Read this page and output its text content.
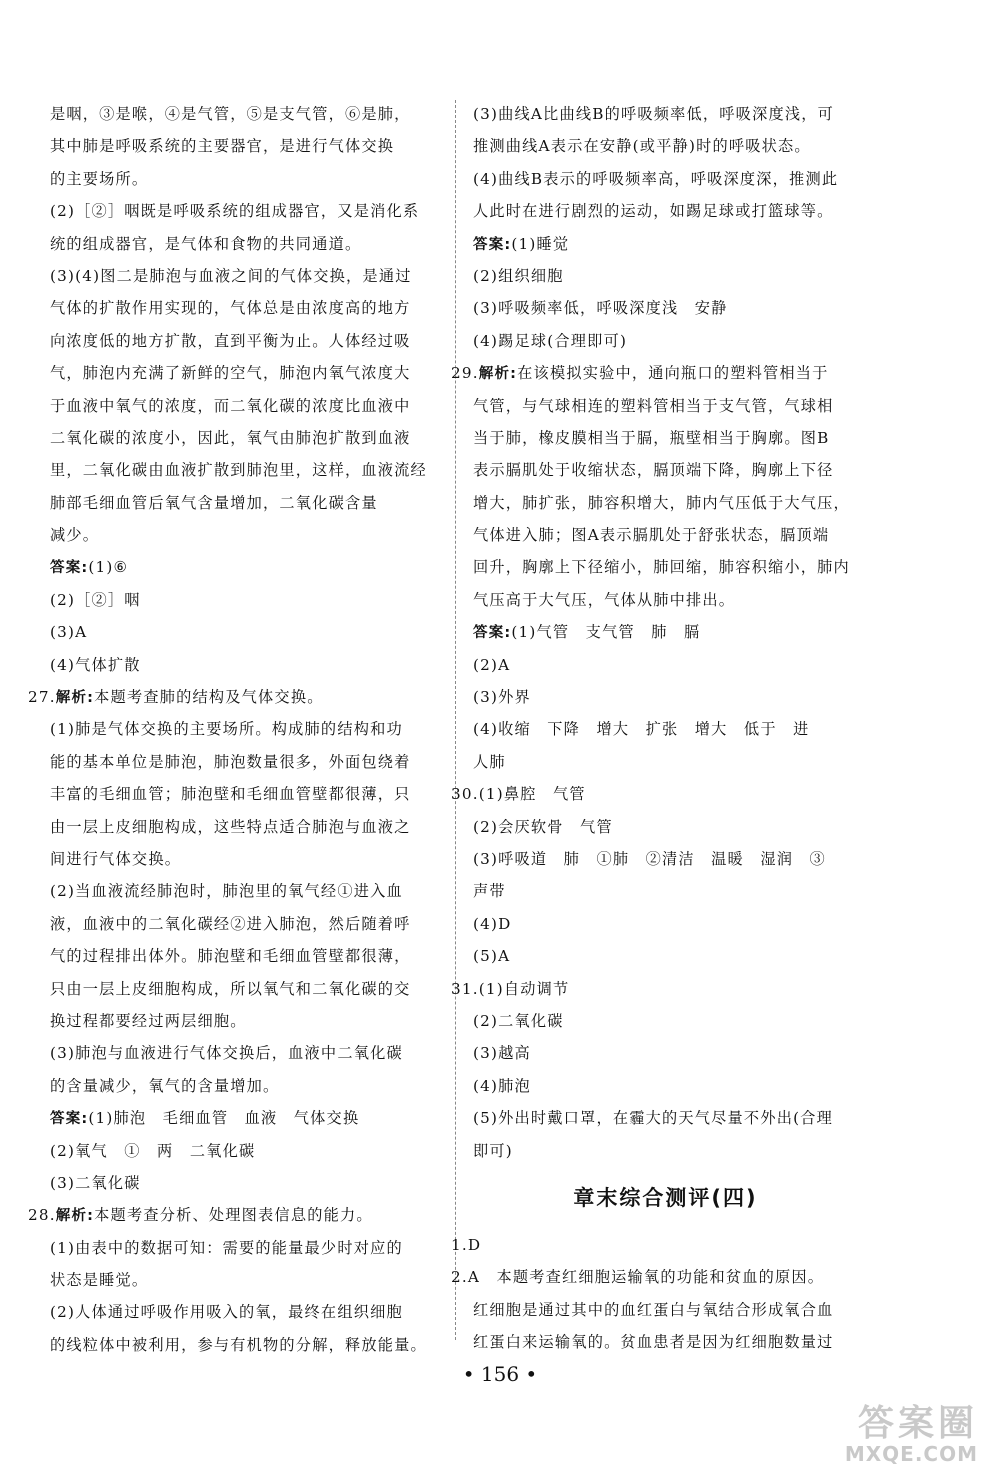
是咽，③是喉，④是气管，⑤是支气管，⑥是肺，
其中肺是呼吸系统的主要器官，是进行气体交换
的主要场所。
(2)［②］咽既是呼吸系统的组成器官，又是消化系
统的组成器官，是气体和食物的共同通道。
(3)(4)图二是肺泡与血液之间的气体交换，是通过
气体的扩散作用实现的，气体总是由浓度高的地方
向浓度低的地方扩散，直到平衡为止。人体经过吸
气，肺泡内充满了新鲜的空气，肺泡内氧气浓度大
于血液中氧气的浓度，而二氧化碳的浓度比血液中
二氧化碳的浓度小，因此，氧气由肺泡扩散到血液
里，二氧化碳由血液扩散到肺泡里，这样，血液流经
肺部毛细血管后氧气含量增加，二氧化碳含量
减少。
答案:(1)⑥
(2)［②］咽
(3)A
(4)气体扩散
27.解析:本题考查肺的结构及气体交换。
(1)肺是气体交换的主要场所。构成肺的结构和功
能的基本单位是肺泡，肺泡数量很多，外面包绕着
丰富的毛细血管；肺泡壁和毛细血管壁都很薄，只
由一层上皮细胞构成，这些特点适合肺泡与血液之
间进行气体交换。
(2)当血液流经肺泡时，肺泡里的氧气经①进入血
液，血液中的二氧化碳经②进入肺泡，然后随着呼
气的过程排出体外。肺泡壁和毛细血管壁都很薄，
只由一层上皮细胞构成，所以氧气和二氧化碳的交
换过程都要经过两层细胞。
(3)肺泡与血液进行气体交换后，血液中二氧化碳
的含量减少，氧气的含量增加。
答案:(1)肺泡　毛细血管　血液　气体交换
(2)氧气　①　两　二氧化碳
(3)二氧化碳
28.解析:本题考查分析、处理图表信息的能力。
(1)由表中的数据可知：需要的能量最少时对应的
状态是睡觉。
(2)人体通过呼吸作用吸入的氧，最终在组织细胞
的线粒体中被利用，参与有机物的分解，释放能量。
(3)曲线A比曲线B的呼吸频率低，呼吸深度浅，可
推测曲线A表示在安静(或平静)时的呼吸状态。
(4)曲线B表示的呼吸频率高，呼吸深度深，推测此
人此时在进行剧烈的运动，如踢足球或打篮球等。
答案:(1)睡觉
(2)组织细胞
(3)呼吸频率低，呼吸深度浅　安静
(4)踢足球(合理即可)
29.解析:在该模拟实验中，通向瓶口的塑料管相当于
气管，与气球相连的塑料管相当于支气管，气球相
当于肺，橡皮膜相当于膈，瓶壁相当于胸廓。图B
表示膈肌处于收缩状态，膈顶端下降，胸廓上下径
增大，肺扩张，肺容积增大，肺内气压低于大气压，
气体进入肺；图A表示膈肌处于舒张状态，膈顶端
回升，胸廓上下径缩小，肺回缩，肺容积缩小，肺内
气压高于大气压，气体从肺中排出。
答案:(1)气管　支气管　肺　膈
(2)A
(3)外界
(4)收缩　下降　增大　扩张　增大　低于　进
人肺
30.(1)鼻腔　气管
(2)会厌软骨　气管
(3)呼吸道　肺　①肺　②清洁　温暖　湿润　③
声带
(4)D
(5)A
31.(1)自动调节
(2)二氧化碳
(3)越高
(4)肺泡
(5)外出时戴口罩，在霾大的天气尽量不外出(合理
即可)
章末综合测评(四)
1.D
2.A　本题考查红细胞运输氧的功能和贫血的原因。
红细胞是通过其中的血红蛋白与氧结合形成氧合血
红蛋白来运输氧的。贫血患者是因为红细胞数量过
• 156 •
答案圈
MXQE.COM
